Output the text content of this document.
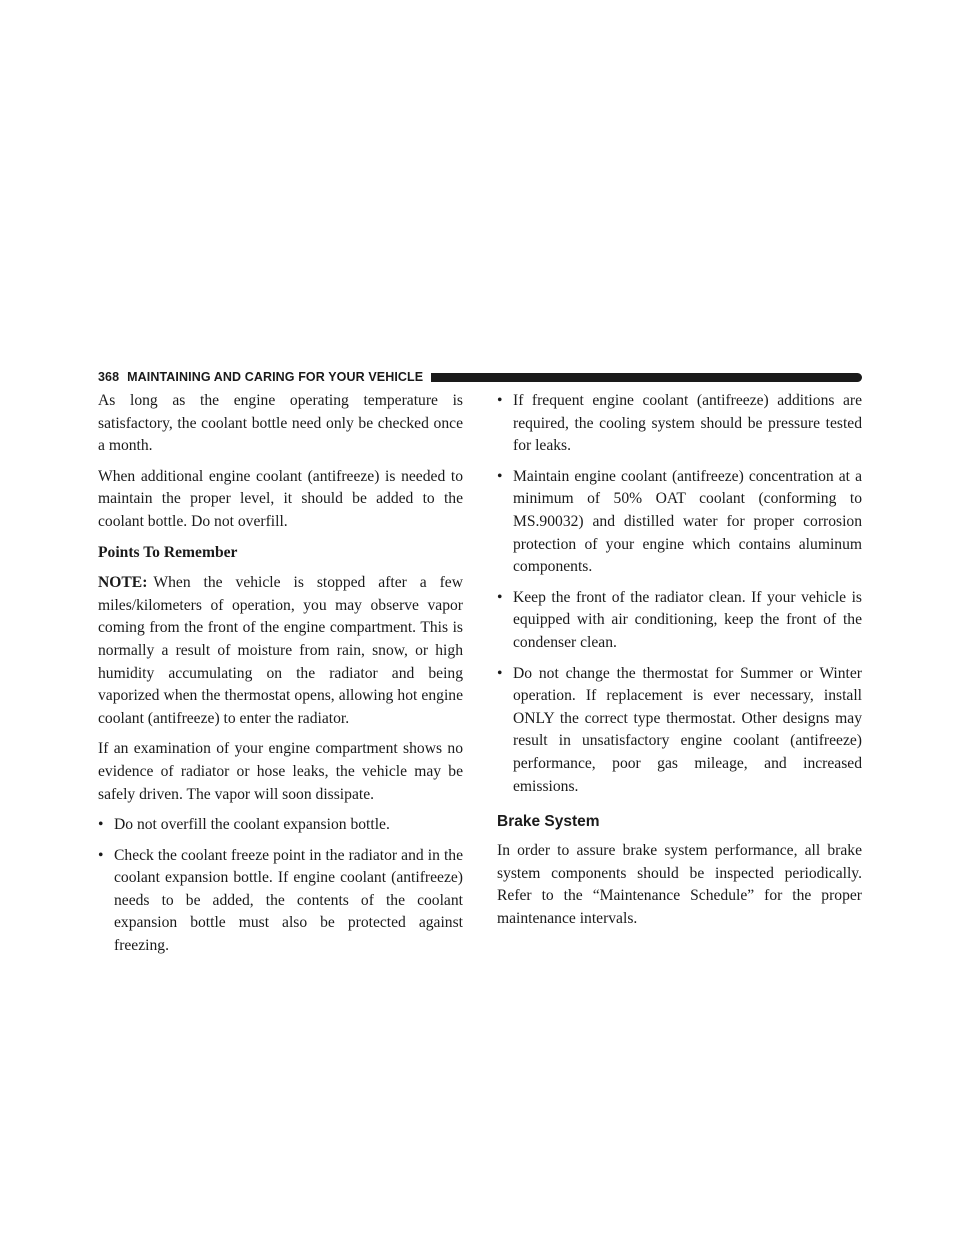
368 MAINTAINING AND CARING FOR YOUR VEHICLE

As long as the engine operating temperature is satisfactory, the coolant bottle need only be checked once a month.

When additional engine coolant (antifreeze) is needed to maintain the proper level, it should be added to the coolant bottle. Do not overfill.

Points To Remember

NOTE: When the vehicle is stopped after a few miles/kilometers of operation, you may observe vapor coming from the front of the engine compartment. This is normally a result of moisture from rain, snow, or high humidity accumulating on the radiator and being vaporized when the thermostat opens, allowing hot engine coolant (antifreeze) to enter the radiator.

If an examination of your engine compartment shows no evidence of radiator or hose leaks, the vehicle may be safely driven. The vapor will soon dissipate.

• Do not overfill the coolant expansion bottle.
• Check the coolant freeze point in the radiator and in the coolant expansion bottle. If engine coolant (antifreeze) needs to be added, the contents of the coolant expansion bottle must also be protected against freezing.
• If frequent engine coolant (antifreeze) additions are required, the cooling system should be pressure tested for leaks.
• Maintain engine coolant (antifreeze) concentration at a minimum of 50% OAT coolant (conforming to MS.90032) and distilled water for proper corrosion protection of your engine which contains aluminum components.
• Keep the front of the radiator clean. If your vehicle is equipped with air conditioning, keep the front of the condenser clean.
• Do not change the thermostat for Summer or Winter operation. If replacement is ever necessary, install ONLY the correct type thermostat. Other designs may result in unsatisfactory engine coolant (antifreeze) performance, poor gas mileage, and increased emissions.
Brake System

In order to assure brake system performance, all brake system components should be inspected periodically. Refer to the “Maintenance Schedule” for the proper maintenance intervals.
